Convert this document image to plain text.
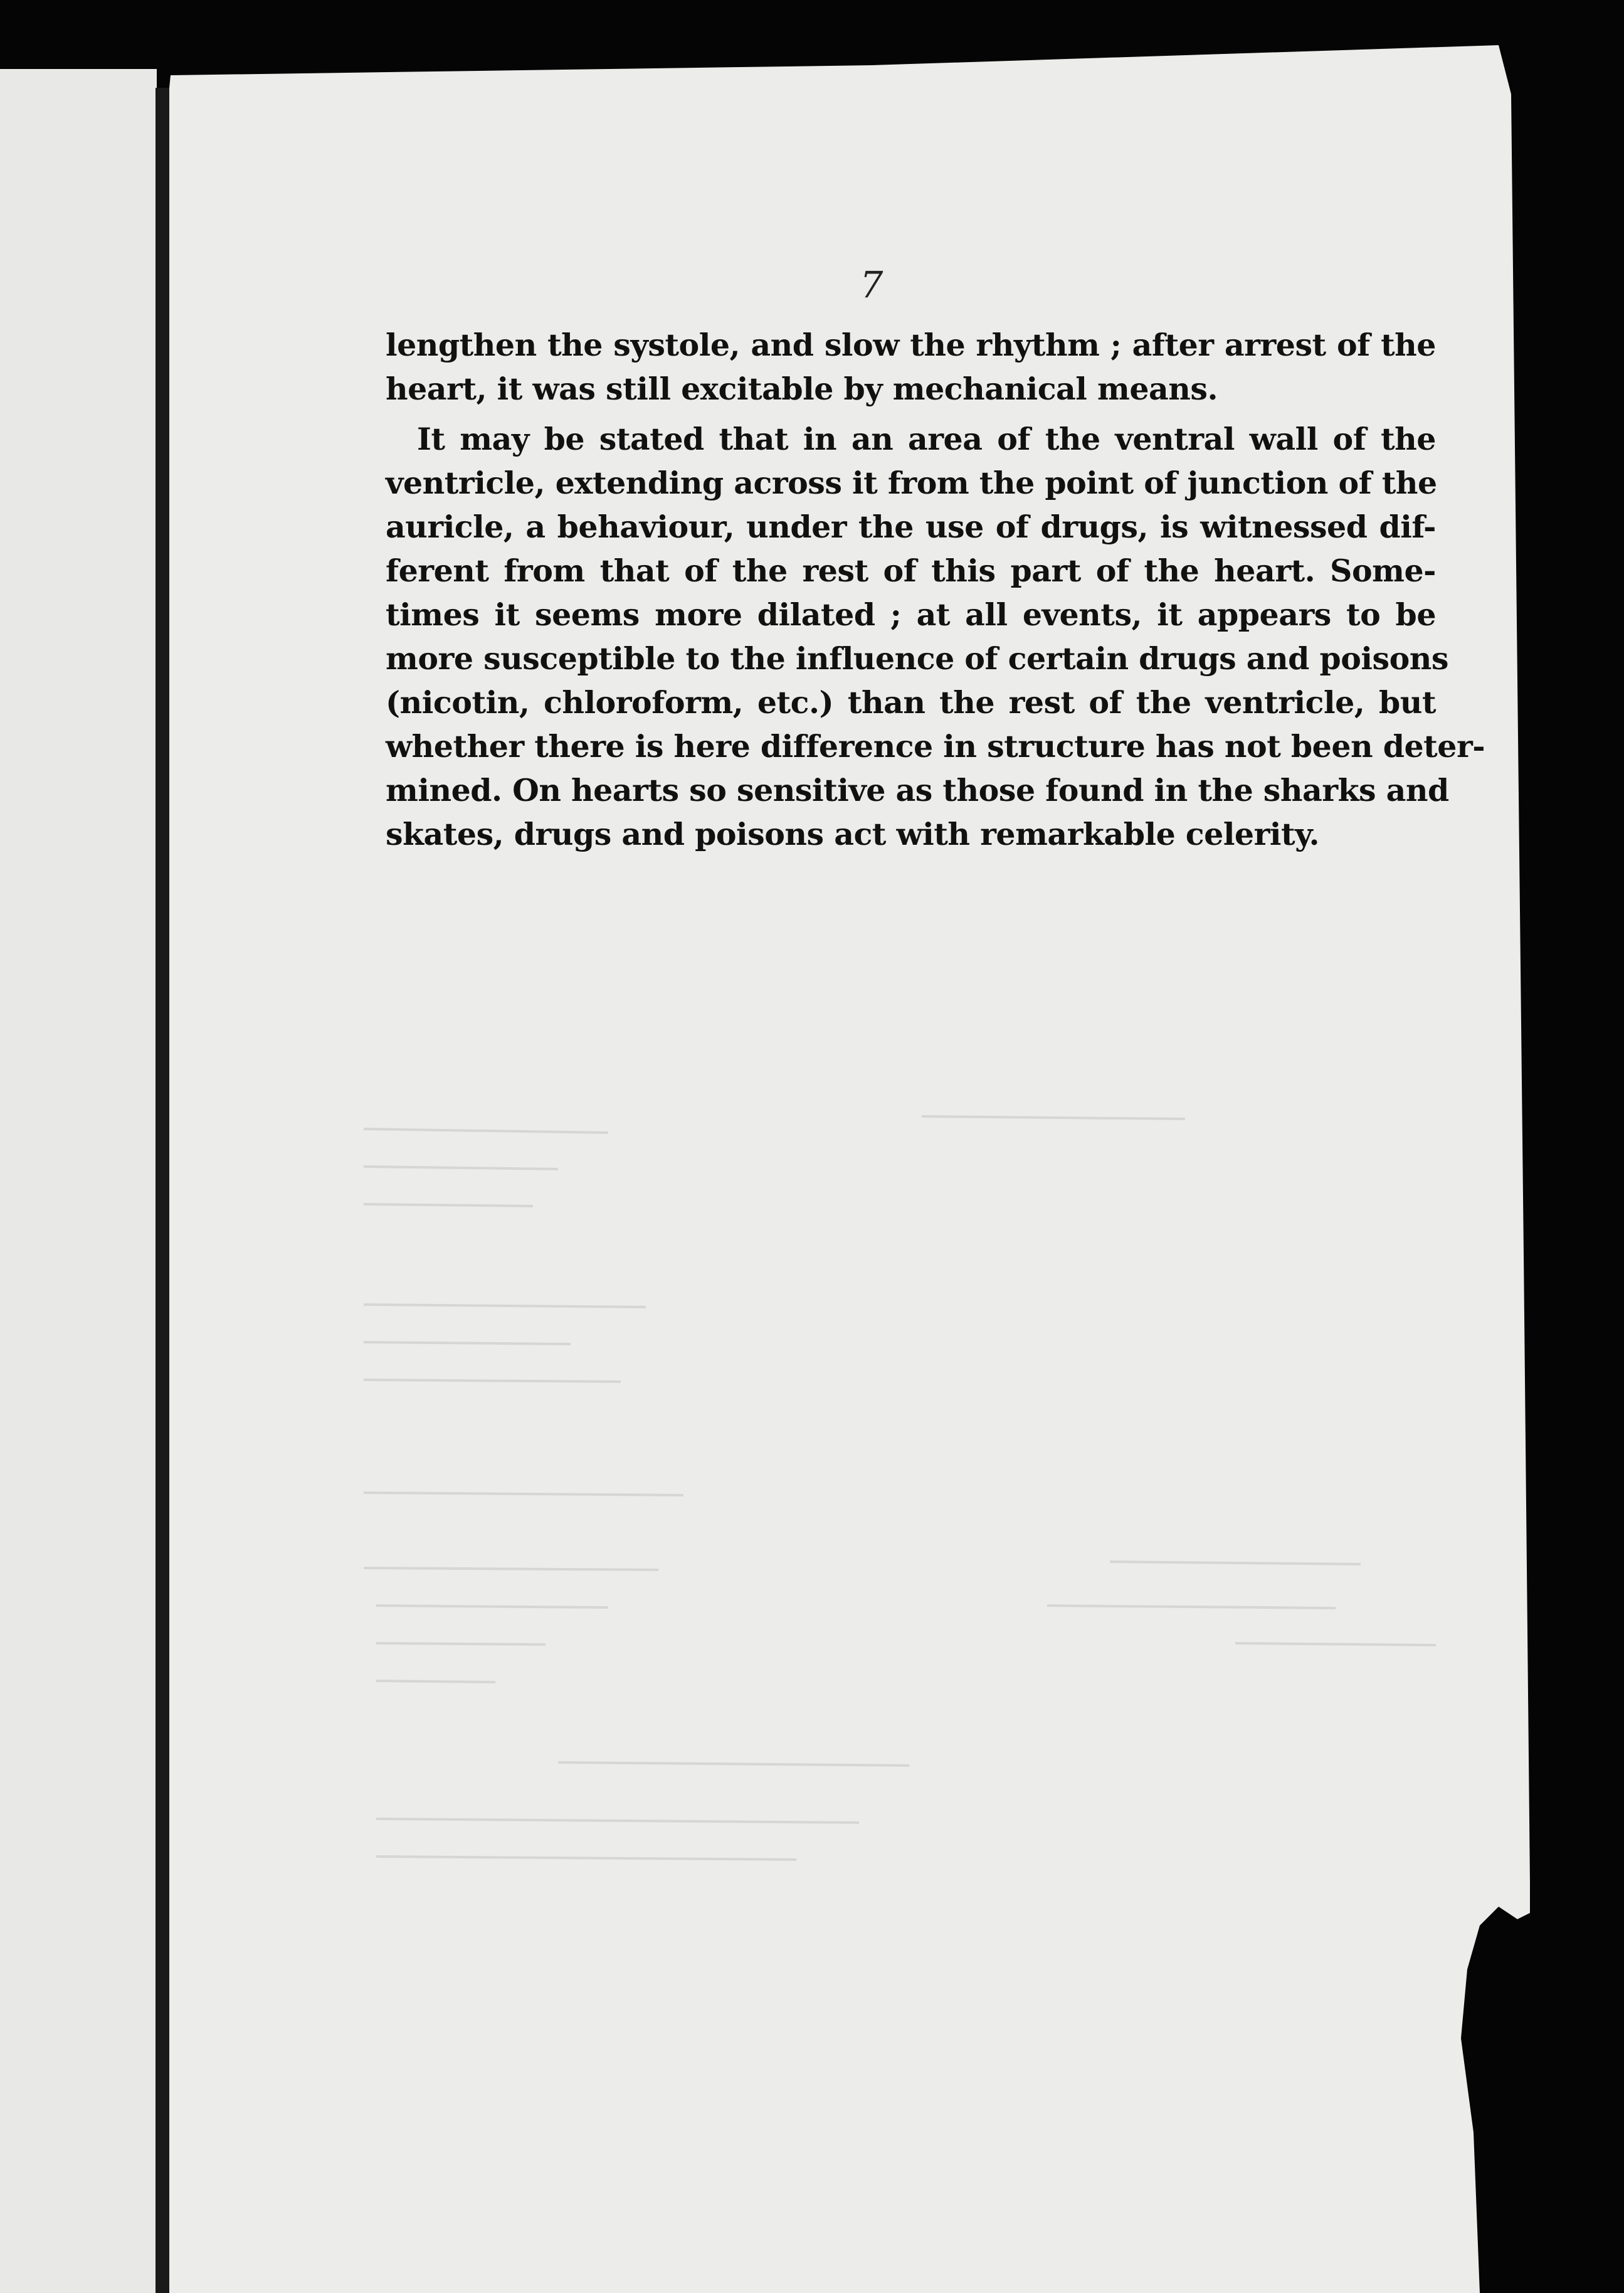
7
lengthen the systole, and slow the rhythm ; after arrest of the
heart, it was still excitable by mechanical means.
It may be stated that in an area of the ventral wall of the
ventricle, extending across it from the point of junction of the
auricle, a behaviour, under the use of drugs, is witnessed dif-
ferent from that of the rest of this part of the heart. Some-
times it seems more dilated ; at all events, it appears to be
more susceptible to the influence of certain drugs and poisons
(nicotin, chloroform, etc.) than the rest of the ventricle, but
whether there is here difference in structure has not been deter-
mined. On hearts so sensitive as those found in the sharks and
skates, drugs and poisons act with remarkable celerity.
